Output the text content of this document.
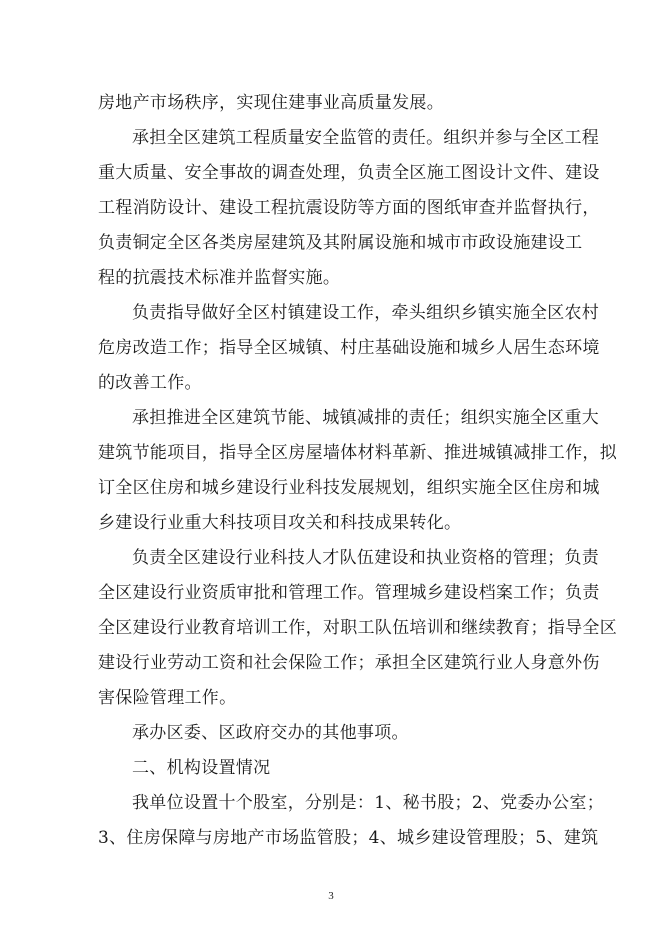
房地产市场秩序，实现住建事业高质量发展。
承担全区建筑工程质量安全监管的责任。组织并参与全区工程
重大质量、安全事故的调查处理，负责全区施工图设计文件、建设
工程消防设计、建设工程抗震设防等方面的图纸审查并监督执行，
负责铜定全区各类房屋建筑及其附属设施和城市市政设施建设工
程的抗震技术标准并监督实施。
负责指导做好全区村镇建设工作，牵头组织乡镇实施全区农村
危房改造工作；指导全区城镇、村庄基础设施和城乡人居生态环境
的改善工作。
承担推进全区建筑节能、城镇减排的责任；组织实施全区重大
建筑节能项目，指导全区房屋墙体材料革新、推进城镇减排工作，拟
订全区住房和城乡建设行业科技发展规划，组织实施全区住房和城
乡建设行业重大科技项目攻关和科技成果转化。
负责全区建设行业科技人才队伍建设和执业资格的管理；负责
全区建设行业资质审批和管理工作。管理城乡建设档案工作；负责
全区建设行业教育培训工作，对职工队伍培训和继续教育；指导全区
建设行业劳动工资和社会保险工作；承担全区建筑行业人身意外伤
害保险管理工作。
承办区委、区政府交办的其他事项。
二、机构设置情况
我单位设置十个股室，分别是：1、秘书股；2、党委办公室；
3、住房保障与房地产市场监管股；4、城乡建设管理股；5、建筑
3
